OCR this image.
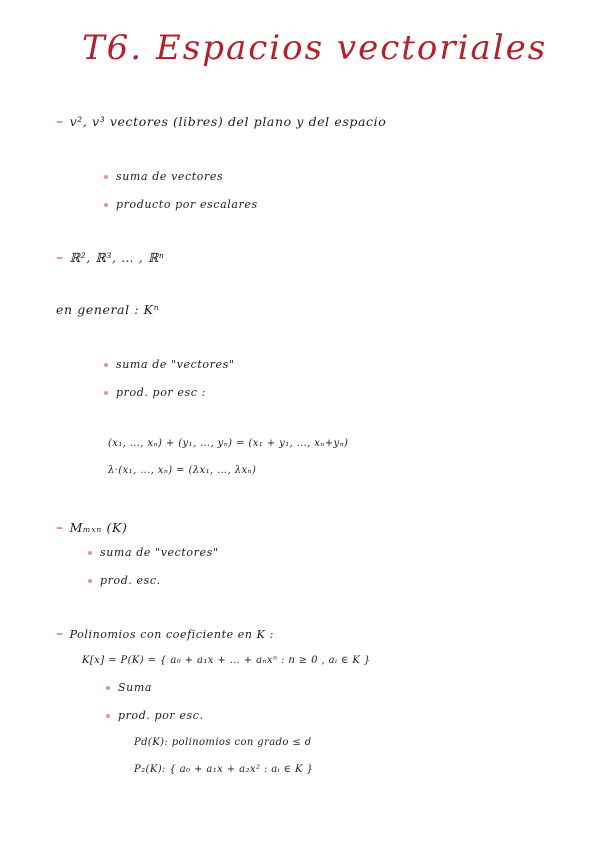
T6. Espacios vectoriales
– v², v³ vectores (libres) del plano y del espacio
suma de vectores
producto por escalares
– ℝ², ℝ³, … , ℝⁿ
en general : Kⁿ
suma de "vectores"
prod. por esc :
(x₁, …, xₙ) + (y₁, …, yₙ) = (x₁ + y₁, …, xₙ+yₙ)
λ·(x₁, …, xₙ) = (λx₁, …, λxₙ)
– Mₘₓₙ (K)
suma de "vectores"
prod. esc.
– Polinomios con coeficiente en K :
K[x] = P(K) = { a₀ + a₁x + … + aₙxⁿ : n ≥ 0 , aᵢ ∈ K }
Suma
prod. por esc.
Pd(K): polinomios con grado ≤ d
P₂(K): { a₀ + a₁x + a₂x² : aᵢ ∈ K }
